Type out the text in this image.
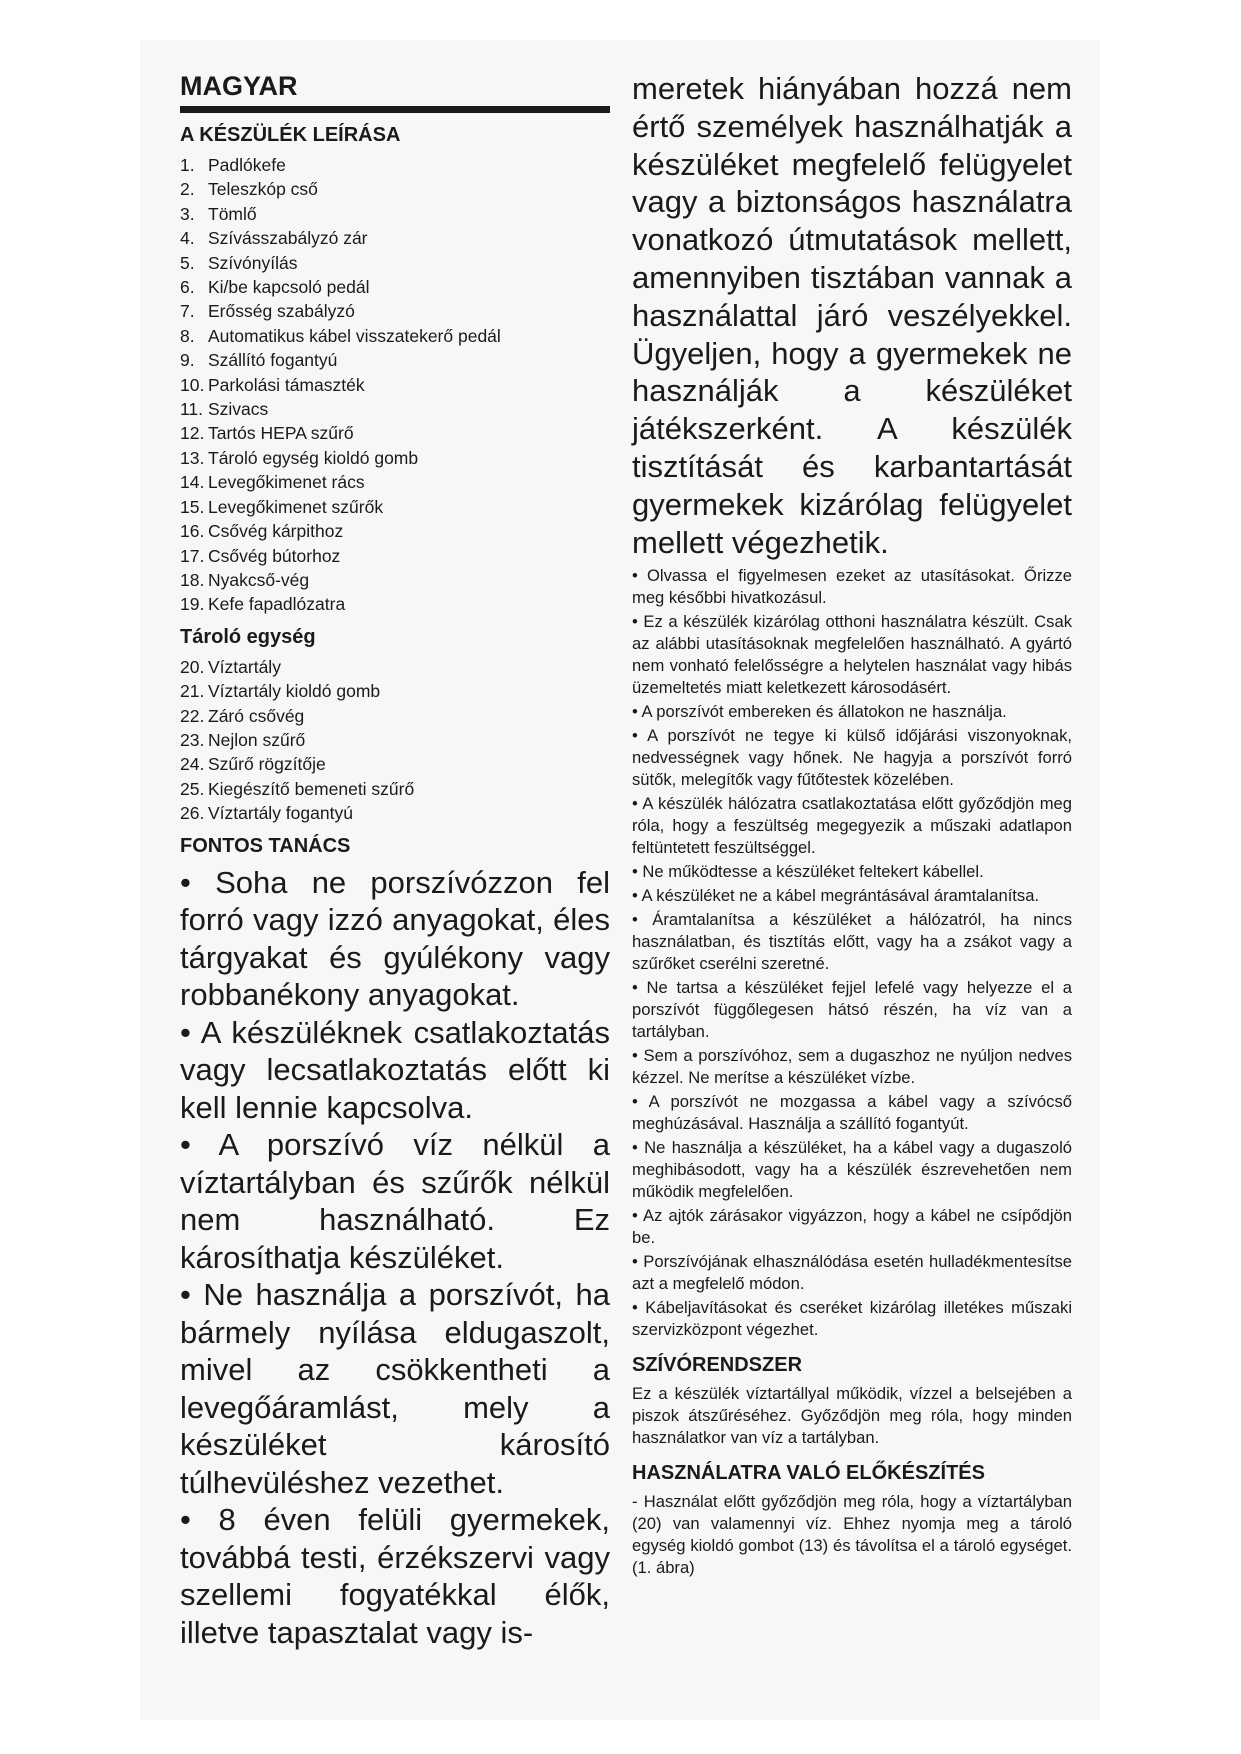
MAGYAR
A KÉSZÜLÉK LEÍRÁSA
1. Padlókefe
2. Teleszkóp cső
3. Tömlő
4. Szívásszabályzó zár
5. Szívónyílás
6. Ki/be kapcsoló pedál
7. Erősség szabályzó
8. Automatikus kábel visszatekerő pedál
9. Szállító fogantyú
10. Parkolási támaszték
11. Szivacs
12. Tartós HEPA szűrő
13. Tároló egység kioldó gomb
14. Levegőkimenet rács
15. Levegőkimenet szűrők
16. Csővég kárpithoz
17. Csővég bútorhoz
18. Nyakcső-vég
19. Kefe fapadlózatra
Tároló egység
20. Víztartály
21. Víztartály kioldó gomb
22. Záró csővég
23. Nejlon szűrő
24. Szűrő rögzítője
25. Kiegészítő bemeneti szűrő
26. Víztartály fogantyú
FONTOS TANÁCS

• Soha ne porszívózzon fel forró vagy izzó anyagokat, éles tárgyakat és gyúlékony vagy robbanékony anyagokat.

• A készüléknek csatlakoztatás vagy lecsatlakoztatás előtt ki kell lennie kapcsolva.

• A porszívó víz nélkül a víztartályban és szűrők nélkül nem használható. Ez károsíthatja készüléket.

• Ne használja a porszívót, ha bármely nyílása eldugaszolt, mivel az csökkentheti a levegőáramlást, mely a készüléket károsító túlhevüléshez vezethet.

• 8 éven felüli gyermekek, továbbá testi, érzékszervi vagy szellemi fogyatékkal élők, illetve tapasztalat vagy is-

meretek hiányában hozzá nem értő személyek használhatják a készüléket megfelelő felügyelet vagy a biztonságos használatra vonatkozó útmutatások mellett, amennyiben tisztában vannak a használattal járó veszélyekkel. Ügyeljen, hogy a gyermekek ne használják a készüléket játékszerként. A készülék tisztítását és karbantartását gyermekek kizárólag felügyelet mellett végezhetik.

• Olvassa el figyelmesen ezeket az utasításokat. Őrizze meg későbbi hivatkozásul.

• Ez a készülék kizárólag otthoni használatra készült. Csak az alábbi utasításoknak megfelelően használható. A gyártó nem vonható felelősségre a helytelen használat vagy hibás üzemeltetés miatt keletkezett károsodásért.

• A porszívót embereken és állatokon ne használja.

• A porszívót ne tegye ki külső időjárási viszonyoknak, nedvességnek vagy hőnek. Ne hagyja a porszívót forró sütők, melegítők vagy fűtőtestek közelében.

• A készülék hálózatra csatlakoztatása előtt győződjön meg róla, hogy a feszültség megegyezik a műszaki adatlapon feltüntetett feszültséggel.

• Ne működtesse a készüléket feltekert kábellel.

• A készüléket ne a kábel megrántásával áramtalanítsa.

• Áramtalanítsa a készüléket a hálózatról, ha nincs használatban, és tisztítás előtt, vagy ha a zsákot vagy a szűrőket cserélni szeretné.

• Ne tartsa a készüléket fejjel lefelé vagy helyezze el a porszívót függőlegesen hátsó részén, ha víz van a tartályban.

• Sem a porszívóhoz, sem a dugaszhoz ne nyúljon nedves kézzel. Ne merítse a készüléket vízbe.

• A porszívót ne mozgassa a kábel vagy a szívócső meghúzásával. Használja a szállító fogantyút.

• Ne használja a készüléket, ha a kábel vagy a dugaszoló meghibásodott, vagy ha a készülék észrevehetően nem működik megfelelően.

• Az ajtók zárásakor vigyázzon, hogy a kábel ne csípődjön be.

• Porszívójának elhasználódása esetén hulladékmentesítse azt a megfelelő módon.

• Kábeljavításokat és cseréket kizárólag illetékes műszaki szervizközpont végezhet.

SZÍVÓRENDSZER

Ez a készülék víztartállyal működik, vízzel a belsejében a piszok átszűréséhez. Győződjön meg róla, hogy minden használatkor van víz a tartályban.

HASZNÁLATRA VALÓ ELŐKÉSZÍTÉS

- Használat előtt győződjön meg róla, hogy a víztartályban (20) van valamennyi víz. Ehhez nyomja meg a tároló egység kioldó gombot (13) és távolítsa el a tároló egységet. (1. ábra)
